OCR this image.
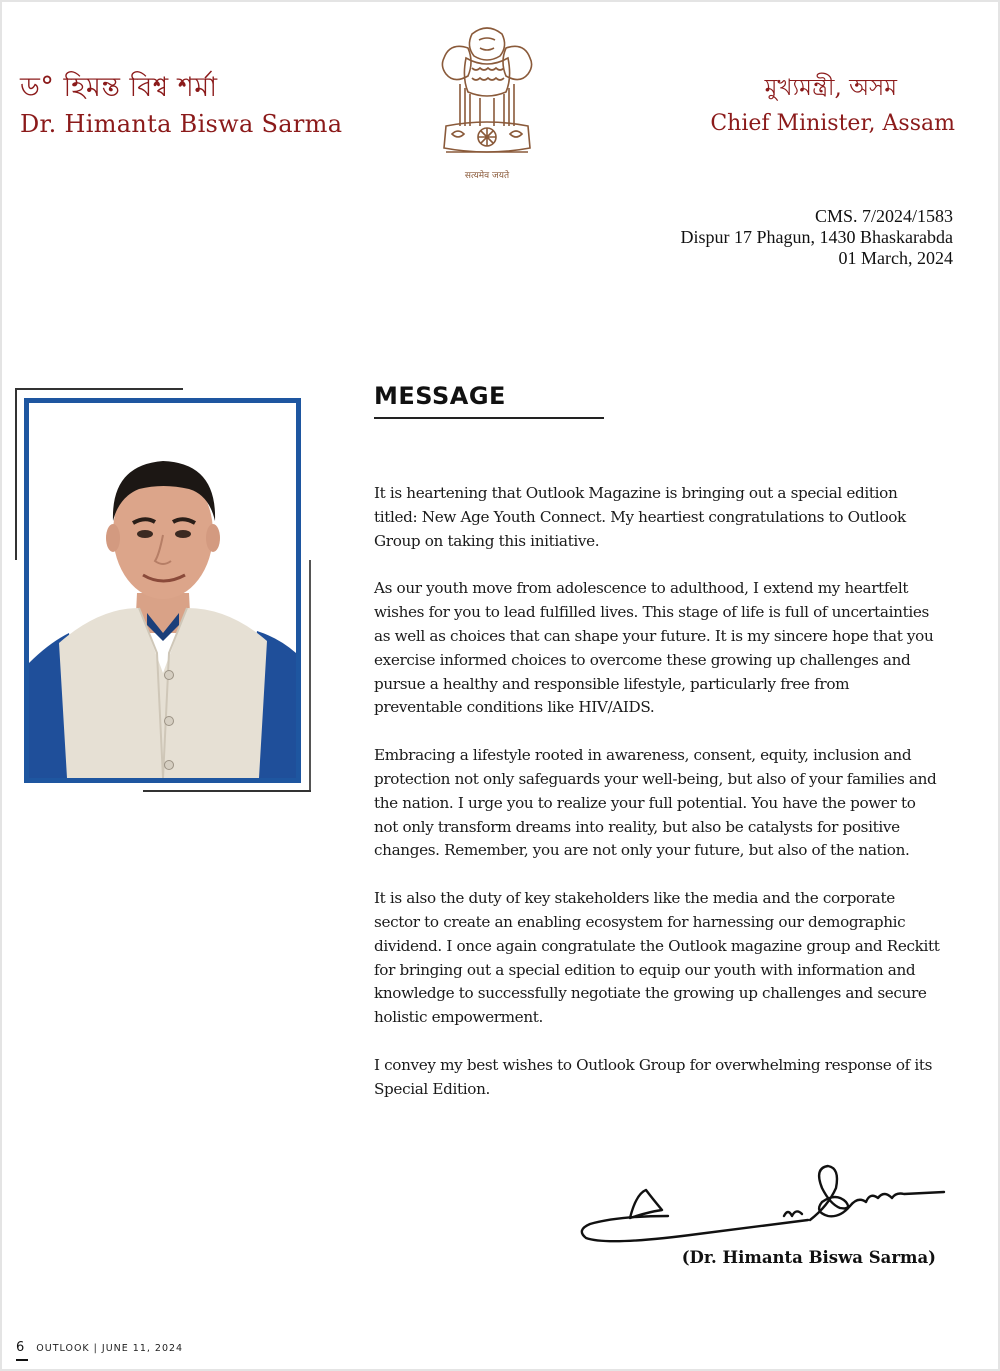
ড° হিমন্ত বিশ্ব শৰ্মা
Dr. Himanta Biswa Sarma
सत्यमेव जयते
মুখ্যমন্ত্ৰী, অসম
Chief Minister, Assam
CMS. 7/2024/1583
Dispur 17 Phagun, 1430 Bhaskarabda
01 March, 2024
MESSAGE

It is heartening that Outlook Magazine is bringing out a special edition titled: New Age Youth Connect. My heartiest congratulations to Outlook Group on taking this initiative.

As our youth move from adolescence to adulthood, I extend my heartfelt wishes for you to lead fulfilled lives. This stage of life is full of uncertainties as well as choices that can shape your future. It is my sincere hope that you exercise informed choices to overcome these growing up challenges and pursue a healthy and responsible lifestyle, particularly free from preventable conditions like HIV/AIDS.

Embracing a lifestyle rooted in awareness, consent, equity, inclusion and protection not only safeguards your well-being, but also of your families and the nation. I urge you to realize your full potential. You have the power to not only transform dreams into reality, but also be catalysts for positive changes. Remember, you are not only your future, but also of the nation.

It is also the duty of key stakeholders like the media and the corporate sector to create an enabling ecosystem for harnessing our demographic dividend. I once again congratulate the Outlook magazine group and Reckitt for bringing out a special edition to equip our youth with information and knowledge to successfully negotiate the growing up challenges and secure holistic empowerment.

I convey my best wishes to Outlook Group for overwhelming response of its Special Edition.

(Dr. Himanta Biswa Sarma)
6 OUTLOOK | JUNE 11, 2024
